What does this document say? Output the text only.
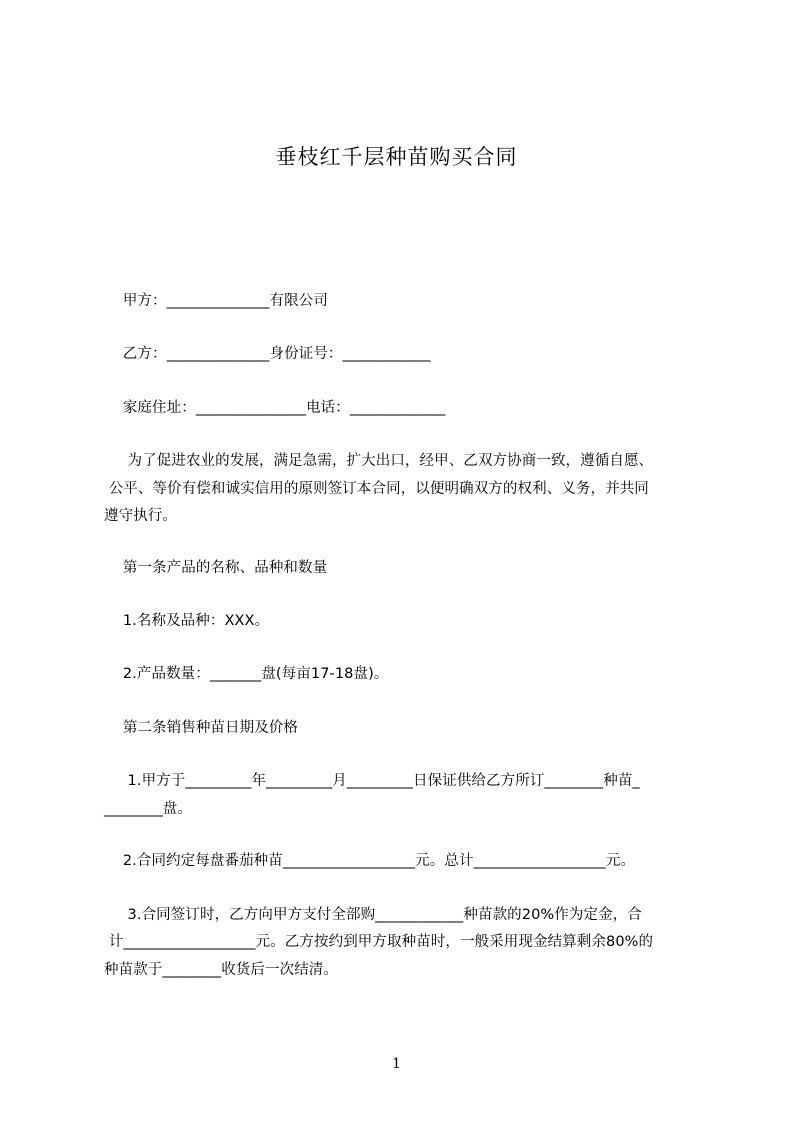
垂枝红千层种苗购买合同
甲方：______________有限公司
乙方：______________身份证号：____________
家庭住址：_______________电话：_____________
为了促进农业的发展，满足急需，扩大出口，经甲、乙双方协商一致，遵循自愿、
公平、等价有偿和诚实信用的原则签订本合同，以便明确双方的权利、义务，并共同
遵守执行。
第一条产品的名称、品种和数量
1.名称及品种：XXX。
2.产品数量：_______盘(每亩17-18盘)。
第二条销售种苗日期及价格
1.甲方于_________年_________月_________日保证供给乙方所订________种苗_
________盘。
2.合同约定每盘番茄种苗__________________元。总计__________________元。
3.合同签订时，乙方向甲方支付全部购____________种苗款的20%作为定金，合
计__________________元。乙方按约到甲方取种苗时，一般采用现金结算剩余80%的
种苗款于________收货后一次结清。
1
